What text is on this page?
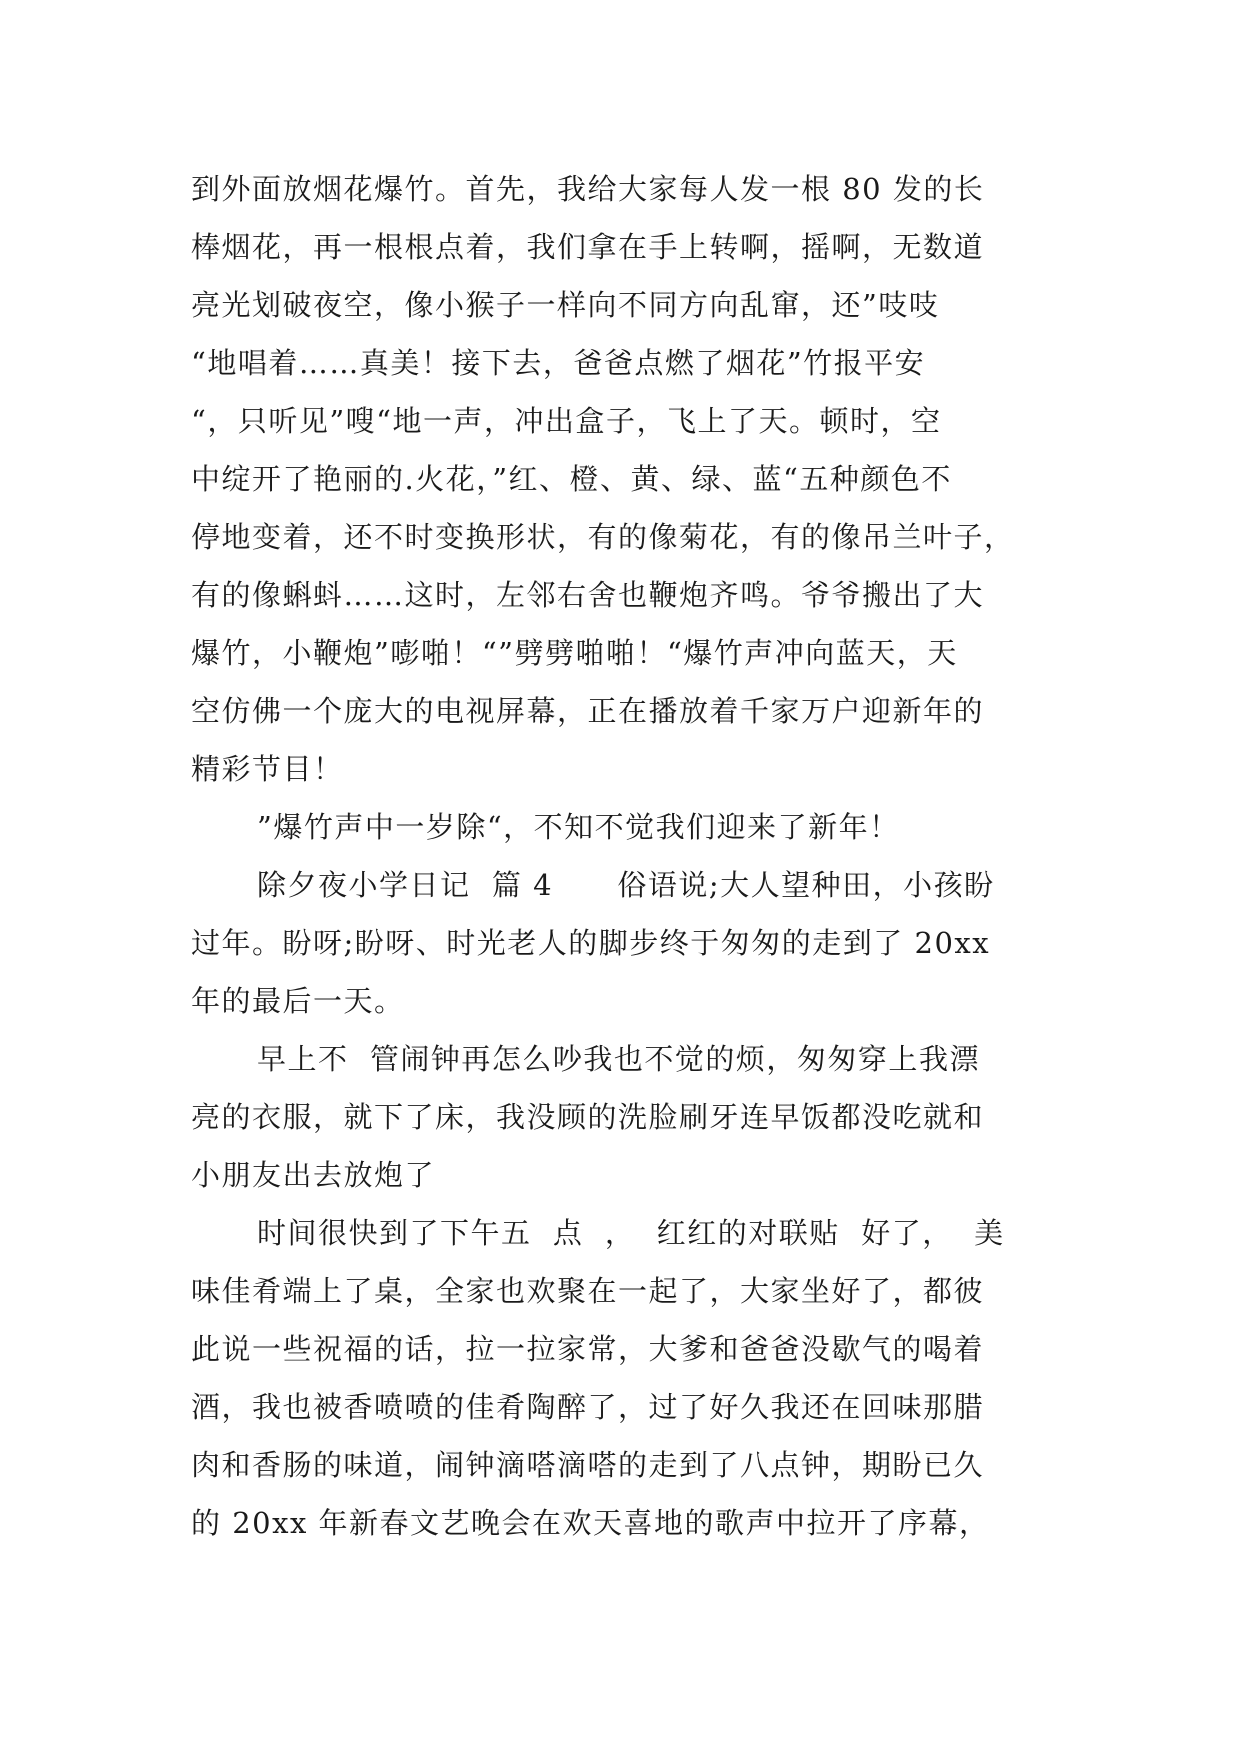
到外面放烟花爆竹。首先，我给大家每人发一根 80 发的长
棒烟花，再一根根点着，我们拿在手上转啊，摇啊，无数道
亮光划破夜空，像小猴子一样向不同方向乱窜，还”吱吱
“地唱着……真美！接下去，爸爸点燃了烟花”竹报平安
“，只听见”嗖“地一声，冲出盒子，飞上了天。顿时，空
中绽开了艳丽的.火花，”红、橙、黄、绿、蓝“五种颜色不
停地变着，还不时变换形状，有的像菊花，有的像吊兰叶子，
有的像蝌蚪……这时，左邻右舍也鞭炮齐鸣。爷爷搬出了大
爆竹，小鞭炮”嘭啪！“”劈劈啪啪！“爆竹声冲向蓝天，天
空仿佛一个庞大的电视屏幕，正在播放着千家万户迎新年的
精彩节目！
”爆竹声中一岁除“，不知不觉我们迎来了新年！
除夕夜小学日记  篇 4      俗语说;大人望种田，小孩盼
过年。盼呀;盼呀、时光老人的脚步终于匆匆的走到了 20xx
年的最后一天。
早上不  管闹钟再怎么吵我也不觉的烦，匆匆穿上我漂
亮的衣服，就下了床，我没顾的洗脸刷牙连早饭都没吃就和
小朋友出去放炮了
时间很快到了下午五  点  ，  红红的对联贴  好了，  美
味佳肴端上了桌，全家也欢聚在一起了，大家坐好了，都彼
此说一些祝福的话，拉一拉家常，大爹和爸爸没歇气的喝着
酒，我也被香喷喷的佳肴陶醉了，过了好久我还在回味那腊
肉和香肠的味道，闹钟滴嗒滴嗒的走到了八点钟，期盼已久
的 20xx 年新春文艺晚会在欢天喜地的歌声中拉开了序幕，
